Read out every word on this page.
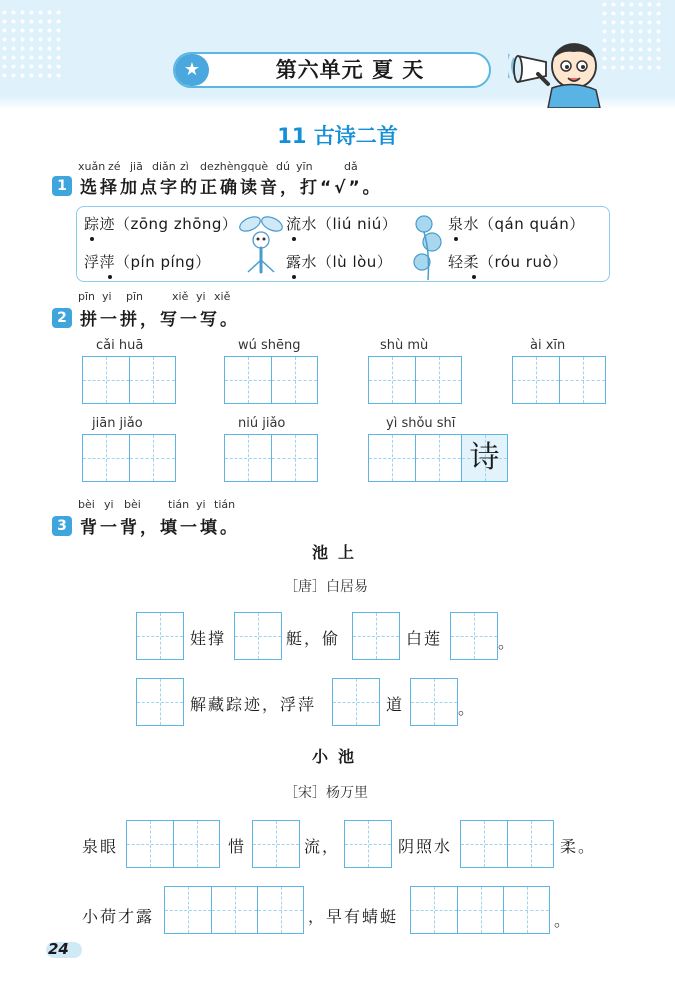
★	第六单元 夏 天
11 古诗二首
xuǎn zé jiā diǎn zì de zhèngquè dú yīn	dǎ
1 选择加点字的正确读音，打“√”。
踪迹（zōng zhōng）	流水（liú niú）	泉水（qán quán）
浮萍（pín píng）	露水（lù lòu）	轻柔（róu ruò）
pīn yi pīn	xiě yi xiě
2 拼一拼，写一写。
cǎi huā	wú shēng	shù mù	ài xīn
jiān jiǎo	niú jiǎo	yì shǒu shī
诗
bèi yi bèi tián yi tián
3 背一背，填一填。
池上
［唐］白居易
娃撑	艇，偷	白莲	。
解藏踪迹，浮萍	道	。
小池
［宋］杨万里
泉眼	惜	流，	阴照水	柔。
小荷才露	，早有蜻蜓	。
24
